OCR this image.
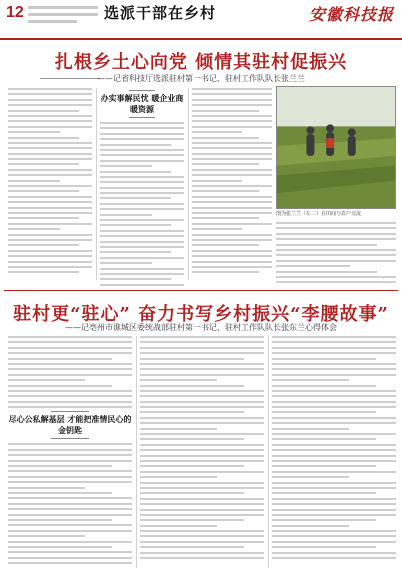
12	选派干部在乡村	安徽科技报
扎根乡土心向党 倾情其驻村促振兴

——记省科技厅选派驻村第一书记、驻村工作队队长张兰兰

办实事解民忧 暖企业商暖资源

图为张兰兰（左二）在田间与农户交流

驻村更“驻心” 奋力书写乡村振兴“李腰故事”

——记亳州市谯城区委统战部驻村第一书记、驻村工作队队长张东兰心得体会

尽心公私解基层 才能把准情民心的金钥匙
